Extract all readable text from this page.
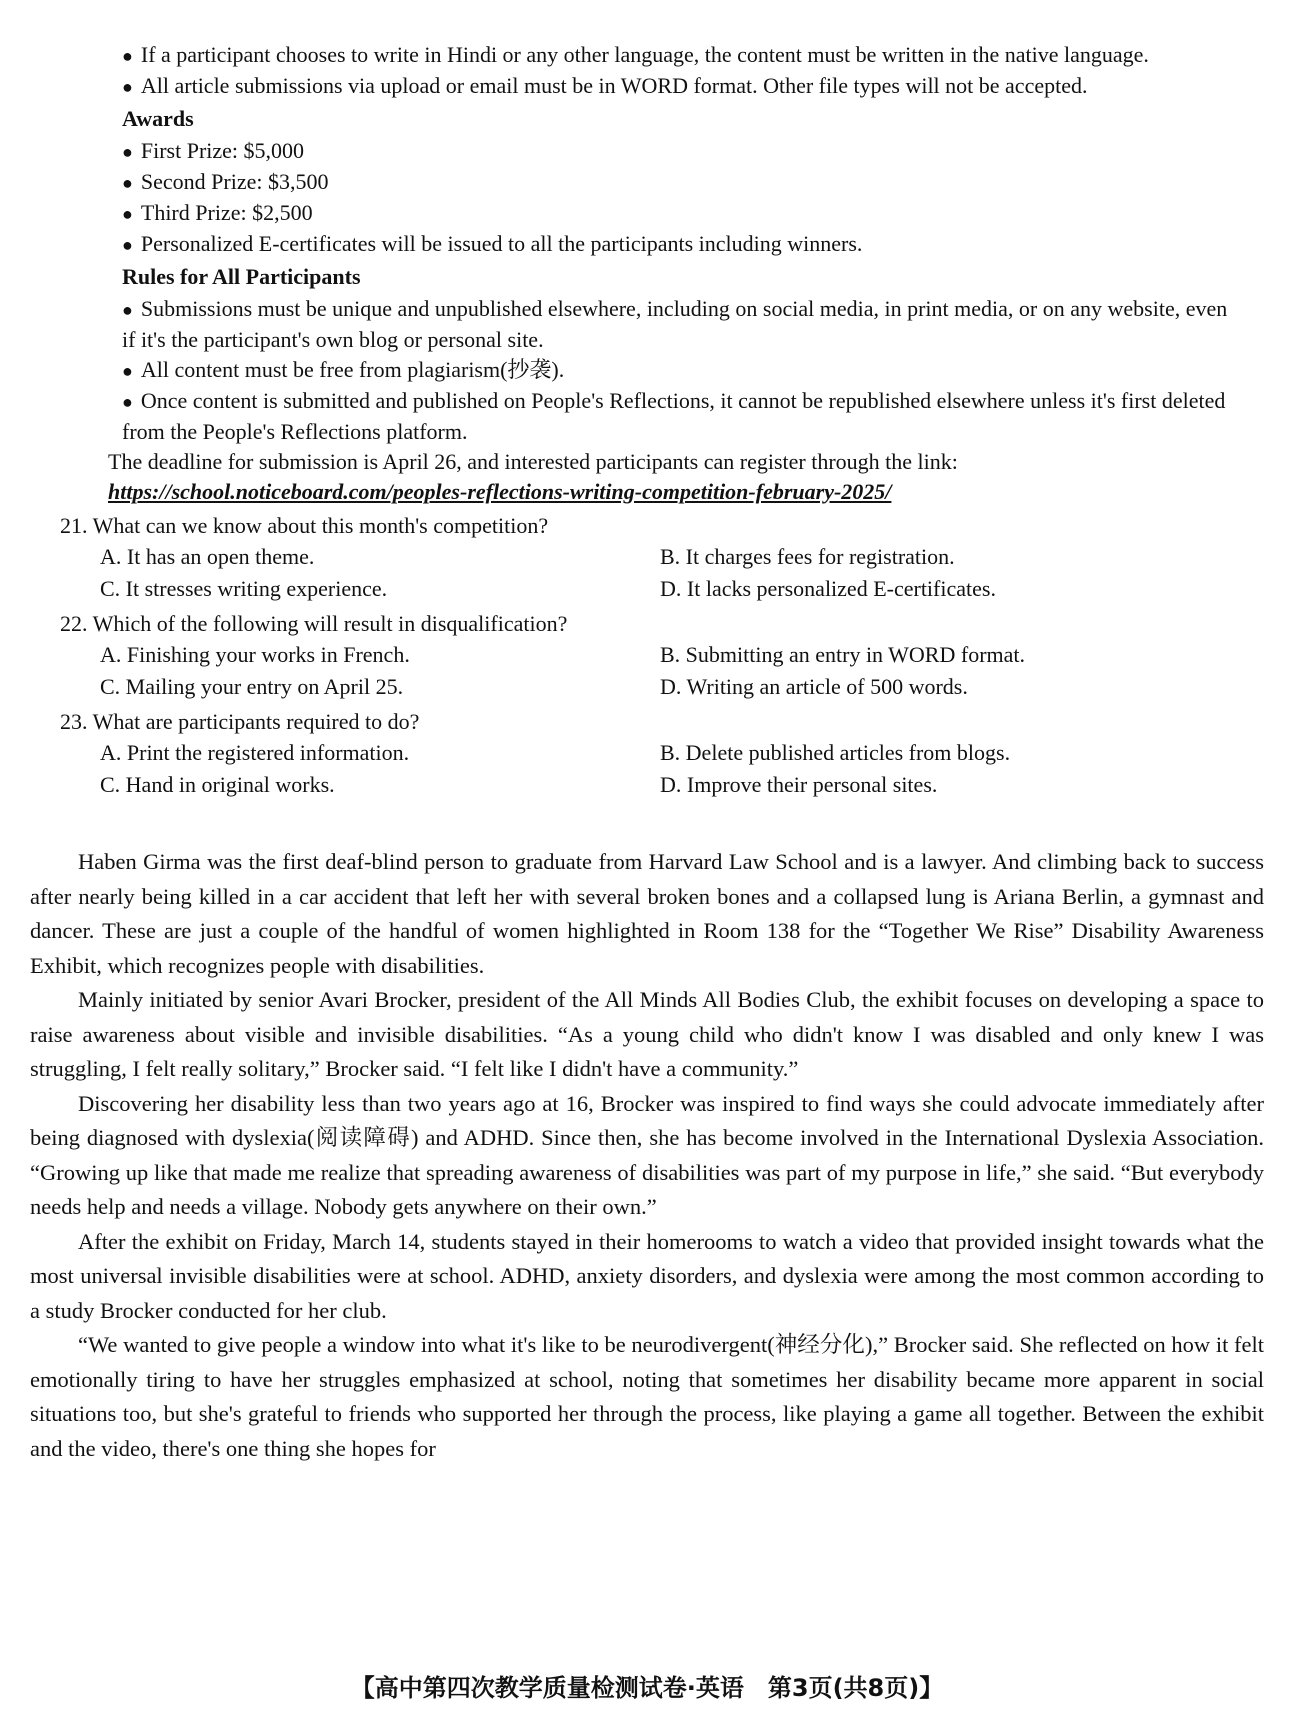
● If a participant chooses to write in Hindi or any other language, the content must be written in the native language.

● All article submissions via upload or email must be in WORD format. Other file types will not be accepted.

Awards

● First Prize: $5,000

● Second Prize: $3,500

● Third Prize: $2,500

● Personalized E-certificates will be issued to all the participants including winners.

Rules for All Participants

● Submissions must be unique and unpublished elsewhere, including on social media, in print media, or on any website, even if it's the participant's own blog or personal site.

● All content must be free from plagiarism(抄袭).

● Once content is submitted and published on People's Reflections, it cannot be republished elsewhere unless it's first deleted from the People's Reflections platform.

The deadline for submission is April 26, and interested participants can register through the link: https://school.noticeboard.com/peoples-reflections-writing-competition-february-2025/

21. What can we know about this month's competition?

A. It has an open theme.	B. It charges fees for registration.
C. It stresses writing experience.	D. It lacks personalized E-certificates.

22. Which of the following will result in disqualification?

A. Finishing your works in French.	B. Submitting an entry in WORD format.
C. Mailing your entry on April 25.	D. Writing an article of 500 words.

23. What are participants required to do?

A. Print the registered information.	B. Delete published articles from blogs.
C. Hand in original works.	D. Improve their personal sites.

Haben Girma was the first deaf-blind person to graduate from Harvard Law School and is a lawyer. And climbing back to success after nearly being killed in a car accident that left her with several broken bones and a collapsed lung is Ariana Berlin, a gymnast and dancer. These are just a couple of the handful of women highlighted in Room 138 for the “Together We Rise” Disability Awareness Exhibit, which recognizes people with disabilities.

Mainly initiated by senior Avari Brocker, president of the All Minds All Bodies Club, the exhibit focuses on developing a space to raise awareness about visible and invisible disabilities. “As a young child who didn't know I was disabled and only knew I was struggling, I felt really solitary,” Brocker said. “I felt like I didn't have a community.”

Discovering her disability less than two years ago at 16, Brocker was inspired to find ways she could advocate immediately after being diagnosed with dyslexia(阅读障碍) and ADHD. Since then, she has become involved in the International Dyslexia Association. “Growing up like that made me realize that spreading awareness of disabilities was part of my purpose in life,” she said. “But everybody needs help and needs a village. Nobody gets anywhere on their own.”

After the exhibit on Friday, March 14, students stayed in their homerooms to watch a video that provided insight towards what the most universal invisible disabilities were at school. ADHD, anxiety disorders, and dyslexia were among the most common according to a study Brocker conducted for her club.

“We wanted to give people a window into what it's like to be neurodivergent(神经分化),” Brocker said. She reflected on how it felt emotionally tiring to have her struggles emphasized at school, noting that sometimes her disability became more apparent in social situations too, but she's grateful to friends who supported her through the process, like playing a game all together. Between the exhibit and the video, there's one thing she hopes for

【高中第四次教学质量检测试卷·英语　第3页(共8页)】
